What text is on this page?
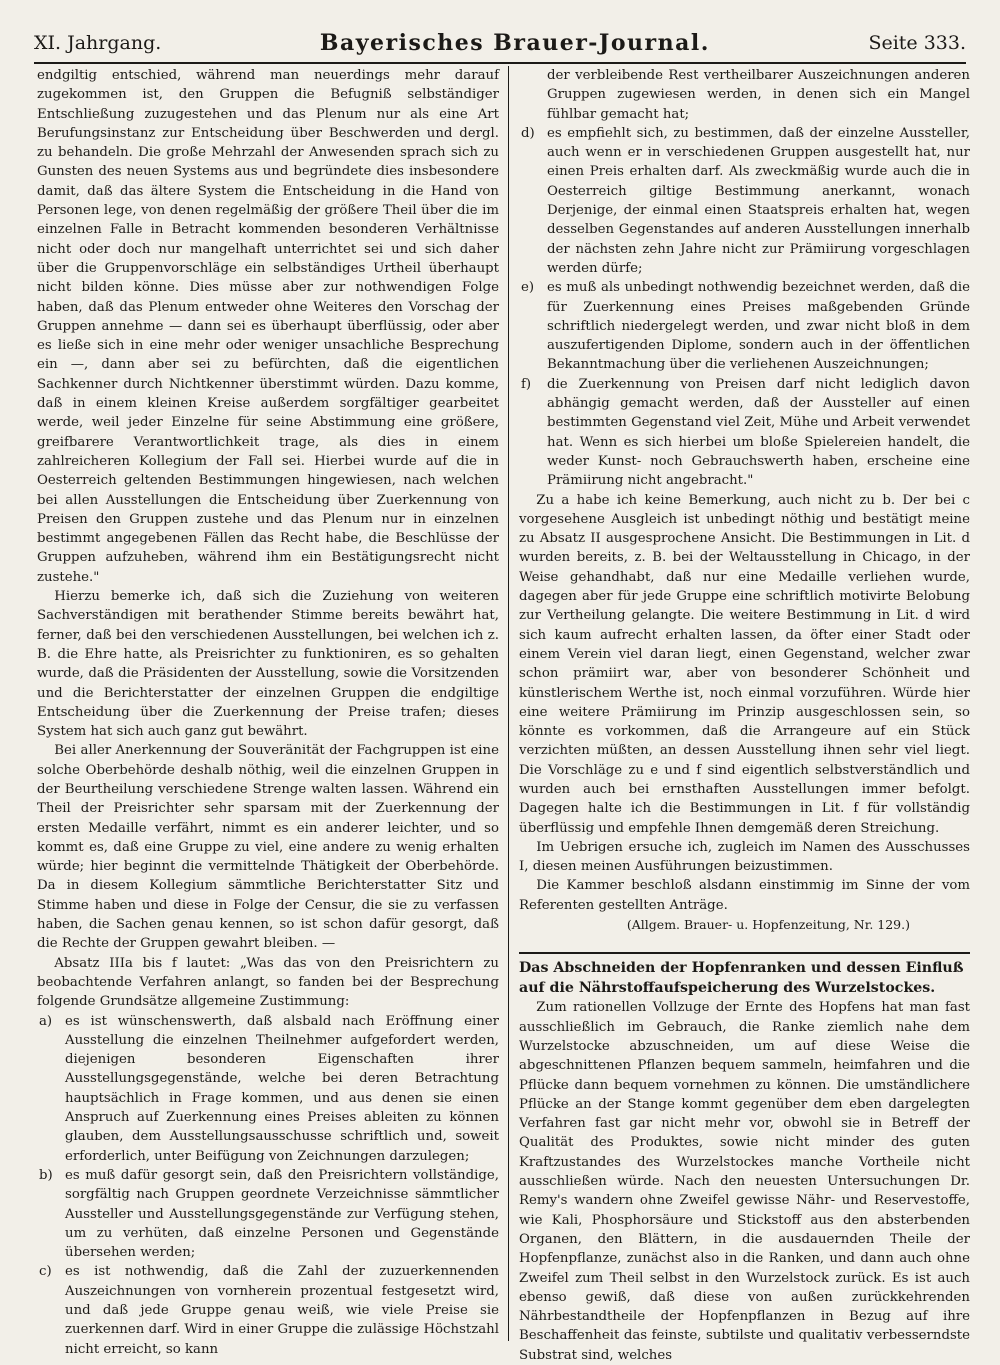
XI. Jahrgang.	Bayerisches Brauer-Journal.	Seite 333.

endgiltig entschied, während man neuerdings mehr darauf zugekommen ist, den Gruppen die Befugniß selbständiger Entschließung zuzugestehen und das Plenum nur als eine Art Berufungsinstanz zur Entscheidung über Beschwerden und dergl. zu behandeln. Die große Mehrzahl der Anwesenden sprach sich zu Gunsten des neuen Systems aus und begründete dies insbesondere damit, daß das ältere System die Entscheidung in die Hand von Personen lege, von denen regelmäßig der größere Theil über die im einzelnen Falle in Betracht kommenden besonderen Verhältnisse nicht oder doch nur mangelhaft unterrichtet sei und sich daher über die Gruppenvorschläge ein selbständiges Urtheil überhaupt nicht bilden könne. Dies müsse aber zur nothwendigen Folge haben, daß das Plenum entweder ohne Weiteres den Vorschag der Gruppen annehme — dann sei es überhaupt überflüssig, oder aber es ließe sich in eine mehr oder weniger unsachliche Besprechung ein —, dann aber sei zu befürchten, daß die eigentlichen Sachkenner durch Nichtkenner überstimmt würden. Dazu komme, daß in einem kleinen Kreise außerdem sorgfältiger gearbeitet werde, weil jeder Einzelne für seine Abstimmung eine größere, greifbarere Verantwortlichkeit trage, als dies in einem zahlreicheren Kollegium der Fall sei. Hierbei wurde auf die in Oesterreich geltenden Bestimmungen hingewiesen, nach welchen bei allen Ausstellungen die Entscheidung über Zuerkennung von Preisen den Gruppen zustehe und das Plenum nur in einzelnen bestimmt angegebenen Fällen das Recht habe, die Beschlüsse der Gruppen aufzuheben, während ihm ein Bestätigungsrecht nicht zustehe."

Hierzu bemerke ich, daß sich die Zuziehung von weiteren Sachverständigen mit berathender Stimme bereits bewährt hat, ferner, daß bei den verschiedenen Ausstellungen, bei welchen ich z. B. die Ehre hatte, als Preisrichter zu funktioniren, es so gehalten wurde, daß die Präsidenten der Ausstellung, sowie die Vorsitzenden und die Berichterstatter der einzelnen Gruppen die endgiltige Entscheidung über die Zuerkennung der Preise trafen; dieses System hat sich auch ganz gut bewährt.

Bei aller Anerkennung der Souveränität der Fachgruppen ist eine solche Oberbehörde deshalb nöthig, weil die einzelnen Gruppen in der Beurtheilung verschiedene Strenge walten lassen. Während ein Theil der Preisrichter sehr sparsam mit der Zuerkennung der ersten Medaille verfährt, nimmt es ein anderer leichter, und so kommt es, daß eine Gruppe zu viel, eine andere zu wenig erhalten würde; hier beginnt die vermittelnde Thätigkeit der Oberbehörde. Da in diesem Kollegium sämmtliche Berichterstatter Sitz und Stimme haben und diese in Folge der Censur, die sie zu verfassen haben, die Sachen genau kennen, so ist schon dafür gesorgt, daß die Rechte der Gruppen gewahrt bleiben. —

Absatz IIIa bis f lautet: „Was das von den Preisrichtern zu beobachtende Verfahren anlangt, so fanden bei der Besprechung folgende Grundsätze allgemeine Zustimmung:

a) es ist wünschenswerth, daß alsbald nach Eröffnung einer Ausstellung die einzelnen Theilnehmer aufgefordert werden, diejenigen besonderen Eigenschaften ihrer Ausstellungsgegenstände, welche bei deren Betrachtung hauptsächlich in Frage kommen, und aus denen sie einen Anspruch auf Zuerkennung eines Preises ableiten zu können glauben, dem Ausstellungsausschusse schriftlich und, soweit erforderlich, unter Beifügung von Zeichnungen darzulegen;

b) es muß dafür gesorgt sein, daß den Preisrichtern vollständige, sorgfältig nach Gruppen geordnete Verzeichnisse sämmtlicher Aussteller und Ausstellungsgegenstände zur Verfügung stehen, um zu verhüten, daß einzelne Personen und Gegenstände übersehen werden;

c)	es ist nothwendig, daß die Zahl der zuzuerkennenden Auszeichnungen von vornherein prozentual festgesetzt wird, und daß jede Gruppe genau weiß, wie viele Preise sie zuerkennen darf. Wird in einer Gruppe die zulässige Höchstzahl nicht erreicht, so kann

der verbleibende Rest vertheilbarer Auszeichnungen anderen Gruppen zugewiesen werden, in denen sich ein Mangel fühlbar gemacht hat;

d) es empfiehlt sich, zu bestimmen, daß der einzelne Aussteller, auch wenn er in verschiedenen Gruppen ausgestellt hat, nur einen Preis erhalten darf. Als zweckmäßig wurde auch die in Oesterreich giltige Bestimmung anerkannt, wonach Derjenige, der einmal einen Staatspreis erhalten hat, wegen desselben Gegenstandes auf anderen Ausstellungen innerhalb der nächsten zehn Jahre nicht zur Prämiirung vorgeschlagen werden dürfe;

e) es muß als unbedingt nothwendig bezeichnet werden, daß die für Zuerkennung eines Preises maßgebenden Gründe schriftlich niedergelegt werden, und zwar nicht bloß in dem auszufertigenden Diplome, sondern auch in der öffentlichen Bekanntmachung über die verliehenen Auszeichnungen;

f)	die Zuerkennung von Preisen darf nicht lediglich davon abhängig gemacht werden, daß der Aussteller auf einen bestimmten Gegenstand viel Zeit, Mühe und Arbeit verwendet hat. Wenn es sich hierbei um bloße Spielereien handelt, die weder Kunst- noch Gebrauchswerth haben, erscheine eine Prämiirung nicht angebracht."

Zu a habe ich keine Bemerkung, auch nicht zu b. Der bei c vorgesehene Ausgleich ist unbedingt nöthig und bestätigt meine zu Absatz II ausgesprochene Ansicht. Die Bestimmungen in Lit. d wurden bereits, z. B. bei der Weltausstellung in Chicago, in der Weise gehandhabt, daß nur eine Medaille verliehen wurde, dagegen aber für jede Gruppe eine schriftlich motivirte Belobung zur Vertheilung gelangte. Die weitere Bestimmung in Lit. d wird sich kaum aufrecht erhalten lassen, da öfter einer Stadt oder einem Verein viel daran liegt, einen Gegenstand, welcher zwar schon prämiirt war, aber von besonderer Schönheit und künstlerischem Werthe ist, noch einmal vorzuführen. Würde hier eine weitere Prämiirung im Prinzip ausgeschlossen sein, so könnte es vorkommen, daß die Arrangeure auf ein Stück verzichten müßten, an dessen Ausstellung ihnen sehr viel liegt. Die Vorschläge zu e und f sind eigentlich selbstverständlich und wurden auch bei ernsthaften Ausstellungen immer befolgt. Dagegen halte ich die Bestimmungen in Lit. f für vollständig überflüssig und empfehle Ihnen demgemäß deren Streichung.

Im Uebrigen ersuche ich, zugleich im Namen des Ausschusses I, diesen meinen Ausführungen beizustimmen.

Die Kammer beschloß alsdann einstimmig im Sinne der vom Referenten gestellten Anträge.

(Allgem. Brauer- u. Hopfenzeitung, Nr. 129.)

Das Abschneiden der Hopfenranken und dessen Einfluß auf die Nährstoffaufspeicherung des Wurzelstockes.

Zum rationellen Vollzuge der Ernte des Hopfens hat man fast ausschließlich im Gebrauch, die Ranke ziemlich nahe dem Wurzelstocke abzuschneiden, um auf diese Weise die abgeschnittenen Pflanzen bequem sammeln, heimfahren und die Pflücke dann bequem vornehmen zu können. Die umständlichere Pflücke an der Stange kommt gegenüber dem eben dargelegten Verfahren fast gar nicht mehr vor, obwohl sie in Betreff der Qualität des Produktes, sowie nicht minder des guten Kraftzustandes des Wurzelstockes manche Vortheile nicht ausschließen würde. Nach den neuesten Untersuchungen Dr. Remy's wandern ohne Zweifel gewisse Nähr- und Reservestoffe, wie Kali, Phosphorsäure und Stickstoff aus den absterbenden Organen, den Blättern, in die ausdauernden Theile der Hopfenpflanze, zunächst also in die Ranken, und dann auch ohne Zweifel zum Theil selbst in den Wurzelstock zurück. Es ist auch ebenso gewiß, daß diese von außen zurückkehrenden Nährbestandtheile der Hopfenpflanzen in Bezug auf ihre Beschaffenheit das feinste, subtilste und qualitativ verbesserndste Substrat sind, welches
